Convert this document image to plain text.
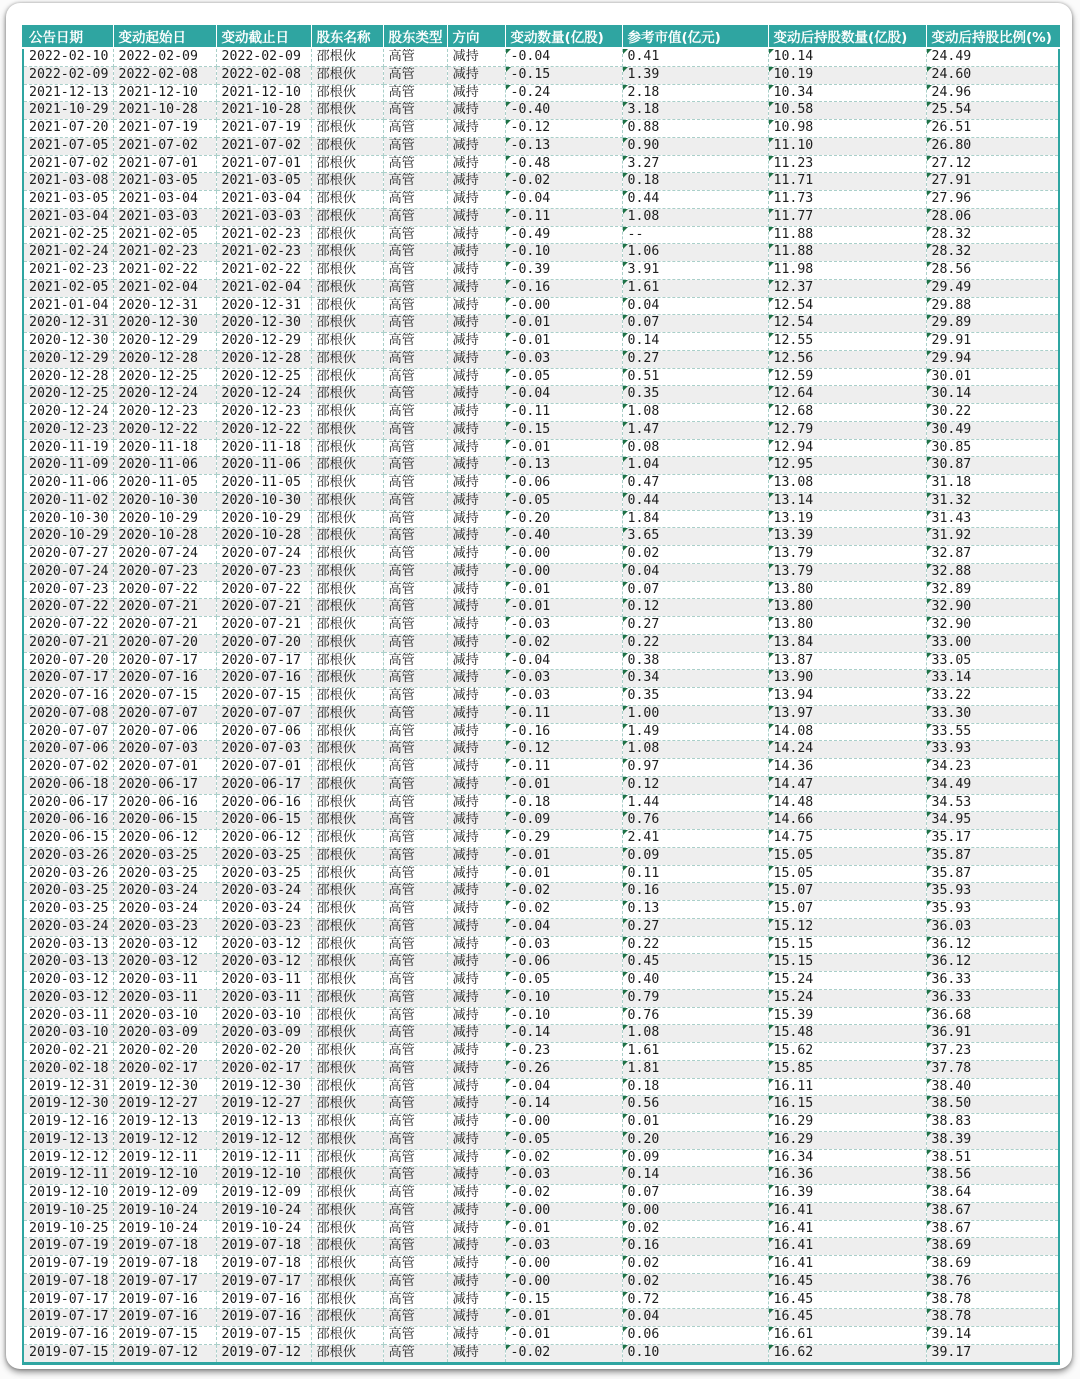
公告日期	变动起始日	变动截止日	股东名称	股东类型	方向	变动数量(亿股)	参考市值(亿元)	变动后持股数量(亿股)	变动后持股比例(%)
2022-02-10	2022-02-09	2022-02-09	邵根伙	高管	减持	-0.04	0.41	10.14	24.49
2022-02-09	2022-02-08	2022-02-08	邵根伙	高管	减持	-0.15	1.39	10.19	24.60
2021-12-13	2021-12-10	2021-12-10	邵根伙	高管	减持	-0.24	2.18	10.34	24.96
2021-10-29	2021-10-28	2021-10-28	邵根伙	高管	减持	-0.40	3.18	10.58	25.54
2021-07-20	2021-07-19	2021-07-19	邵根伙	高管	减持	-0.12	0.88	10.98	26.51
2021-07-05	2021-07-02	2021-07-02	邵根伙	高管	减持	-0.13	0.90	11.10	26.80
2021-07-02	2021-07-01	2021-07-01	邵根伙	高管	减持	-0.48	3.27	11.23	27.12
2021-03-08	2021-03-05	2021-03-05	邵根伙	高管	减持	-0.02	0.18	11.71	27.91
2021-03-05	2021-03-04	2021-03-04	邵根伙	高管	减持	-0.04	0.44	11.73	27.96
2021-03-04	2021-03-03	2021-03-03	邵根伙	高管	减持	-0.11	1.08	11.77	28.06
2021-02-25	2021-02-05	2021-02-23	邵根伙	高管	减持	-0.49	--	11.88	28.32
2021-02-24	2021-02-23	2021-02-23	邵根伙	高管	减持	-0.10	1.06	11.88	28.32
2021-02-23	2021-02-22	2021-02-22	邵根伙	高管	减持	-0.39	3.91	11.98	28.56
2021-02-05	2021-02-04	2021-02-04	邵根伙	高管	减持	-0.16	1.61	12.37	29.49
2021-01-04	2020-12-31	2020-12-31	邵根伙	高管	减持	-0.00	0.04	12.54	29.88
2020-12-31	2020-12-30	2020-12-30	邵根伙	高管	减持	-0.01	0.07	12.54	29.89
2020-12-30	2020-12-29	2020-12-29	邵根伙	高管	减持	-0.01	0.14	12.55	29.91
2020-12-29	2020-12-28	2020-12-28	邵根伙	高管	减持	-0.03	0.27	12.56	29.94
2020-12-28	2020-12-25	2020-12-25	邵根伙	高管	减持	-0.05	0.51	12.59	30.01
2020-12-25	2020-12-24	2020-12-24	邵根伙	高管	减持	-0.04	0.35	12.64	30.14
2020-12-24	2020-12-23	2020-12-23	邵根伙	高管	减持	-0.11	1.08	12.68	30.22
2020-12-23	2020-12-22	2020-12-22	邵根伙	高管	减持	-0.15	1.47	12.79	30.49
2020-11-19	2020-11-18	2020-11-18	邵根伙	高管	减持	-0.01	0.08	12.94	30.85
2020-11-09	2020-11-06	2020-11-06	邵根伙	高管	减持	-0.13	1.04	12.95	30.87
2020-11-06	2020-11-05	2020-11-05	邵根伙	高管	减持	-0.06	0.47	13.08	31.18
2020-11-02	2020-10-30	2020-10-30	邵根伙	高管	减持	-0.05	0.44	13.14	31.32
2020-10-30	2020-10-29	2020-10-29	邵根伙	高管	减持	-0.20	1.84	13.19	31.43
2020-10-29	2020-10-28	2020-10-28	邵根伙	高管	减持	-0.40	3.65	13.39	31.92
2020-07-27	2020-07-24	2020-07-24	邵根伙	高管	减持	-0.00	0.02	13.79	32.87
2020-07-24	2020-07-23	2020-07-23	邵根伙	高管	减持	-0.00	0.04	13.79	32.88
2020-07-23	2020-07-22	2020-07-22	邵根伙	高管	减持	-0.01	0.07	13.80	32.89
2020-07-22	2020-07-21	2020-07-21	邵根伙	高管	减持	-0.01	0.12	13.80	32.90
2020-07-22	2020-07-21	2020-07-21	邵根伙	高管	减持	-0.03	0.27	13.80	32.90
2020-07-21	2020-07-20	2020-07-20	邵根伙	高管	减持	-0.02	0.22	13.84	33.00
2020-07-20	2020-07-17	2020-07-17	邵根伙	高管	减持	-0.04	0.38	13.87	33.05
2020-07-17	2020-07-16	2020-07-16	邵根伙	高管	减持	-0.03	0.34	13.90	33.14
2020-07-16	2020-07-15	2020-07-15	邵根伙	高管	减持	-0.03	0.35	13.94	33.22
2020-07-08	2020-07-07	2020-07-07	邵根伙	高管	减持	-0.11	1.00	13.97	33.30
2020-07-07	2020-07-06	2020-07-06	邵根伙	高管	减持	-0.16	1.49	14.08	33.55
2020-07-06	2020-07-03	2020-07-03	邵根伙	高管	减持	-0.12	1.08	14.24	33.93
2020-07-02	2020-07-01	2020-07-01	邵根伙	高管	减持	-0.11	0.97	14.36	34.23
2020-06-18	2020-06-17	2020-06-17	邵根伙	高管	减持	-0.01	0.12	14.47	34.49
2020-06-17	2020-06-16	2020-06-16	邵根伙	高管	减持	-0.18	1.44	14.48	34.53
2020-06-16	2020-06-15	2020-06-15	邵根伙	高管	减持	-0.09	0.76	14.66	34.95
2020-06-15	2020-06-12	2020-06-12	邵根伙	高管	减持	-0.29	2.41	14.75	35.17
2020-03-26	2020-03-25	2020-03-25	邵根伙	高管	减持	-0.01	0.09	15.05	35.87
2020-03-26	2020-03-25	2020-03-25	邵根伙	高管	减持	-0.01	0.11	15.05	35.87
2020-03-25	2020-03-24	2020-03-24	邵根伙	高管	减持	-0.02	0.16	15.07	35.93
2020-03-25	2020-03-24	2020-03-24	邵根伙	高管	减持	-0.02	0.13	15.07	35.93
2020-03-24	2020-03-23	2020-03-23	邵根伙	高管	减持	-0.04	0.27	15.12	36.03
2020-03-13	2020-03-12	2020-03-12	邵根伙	高管	减持	-0.03	0.22	15.15	36.12
2020-03-13	2020-03-12	2020-03-12	邵根伙	高管	减持	-0.06	0.45	15.15	36.12
2020-03-12	2020-03-11	2020-03-11	邵根伙	高管	减持	-0.05	0.40	15.24	36.33
2020-03-12	2020-03-11	2020-03-11	邵根伙	高管	减持	-0.10	0.79	15.24	36.33
2020-03-11	2020-03-10	2020-03-10	邵根伙	高管	减持	-0.10	0.76	15.39	36.68
2020-03-10	2020-03-09	2020-03-09	邵根伙	高管	减持	-0.14	1.08	15.48	36.91
2020-02-21	2020-02-20	2020-02-20	邵根伙	高管	减持	-0.23	1.61	15.62	37.23
2020-02-18	2020-02-17	2020-02-17	邵根伙	高管	减持	-0.26	1.81	15.85	37.78
2019-12-31	2019-12-30	2019-12-30	邵根伙	高管	减持	-0.04	0.18	16.11	38.40
2019-12-30	2019-12-27	2019-12-27	邵根伙	高管	减持	-0.14	0.56	16.15	38.50
2019-12-16	2019-12-13	2019-12-13	邵根伙	高管	减持	-0.00	0.01	16.29	38.83
2019-12-13	2019-12-12	2019-12-12	邵根伙	高管	减持	-0.05	0.20	16.29	38.39
2019-12-12	2019-12-11	2019-12-11	邵根伙	高管	减持	-0.02	0.09	16.34	38.51
2019-12-11	2019-12-10	2019-12-10	邵根伙	高管	减持	-0.03	0.14	16.36	38.56
2019-12-10	2019-12-09	2019-12-09	邵根伙	高管	减持	-0.02	0.07	16.39	38.64
2019-10-25	2019-10-24	2019-10-24	邵根伙	高管	减持	-0.00	0.00	16.41	38.67
2019-10-25	2019-10-24	2019-10-24	邵根伙	高管	减持	-0.01	0.02	16.41	38.67
2019-07-19	2019-07-18	2019-07-18	邵根伙	高管	减持	-0.03	0.16	16.41	38.69
2019-07-19	2019-07-18	2019-07-18	邵根伙	高管	减持	-0.00	0.02	16.41	38.69
2019-07-18	2019-07-17	2019-07-17	邵根伙	高管	减持	-0.00	0.02	16.45	38.76
2019-07-17	2019-07-16	2019-07-16	邵根伙	高管	减持	-0.15	0.72	16.45	38.78
2019-07-17	2019-07-16	2019-07-16	邵根伙	高管	减持	-0.01	0.04	16.45	38.78
2019-07-16	2019-07-15	2019-07-15	邵根伙	高管	减持	-0.01	0.06	16.61	39.14
2019-07-15	2019-07-12	2019-07-12	邵根伙	高管	减持	-0.02	0.10	16.62	39.17
